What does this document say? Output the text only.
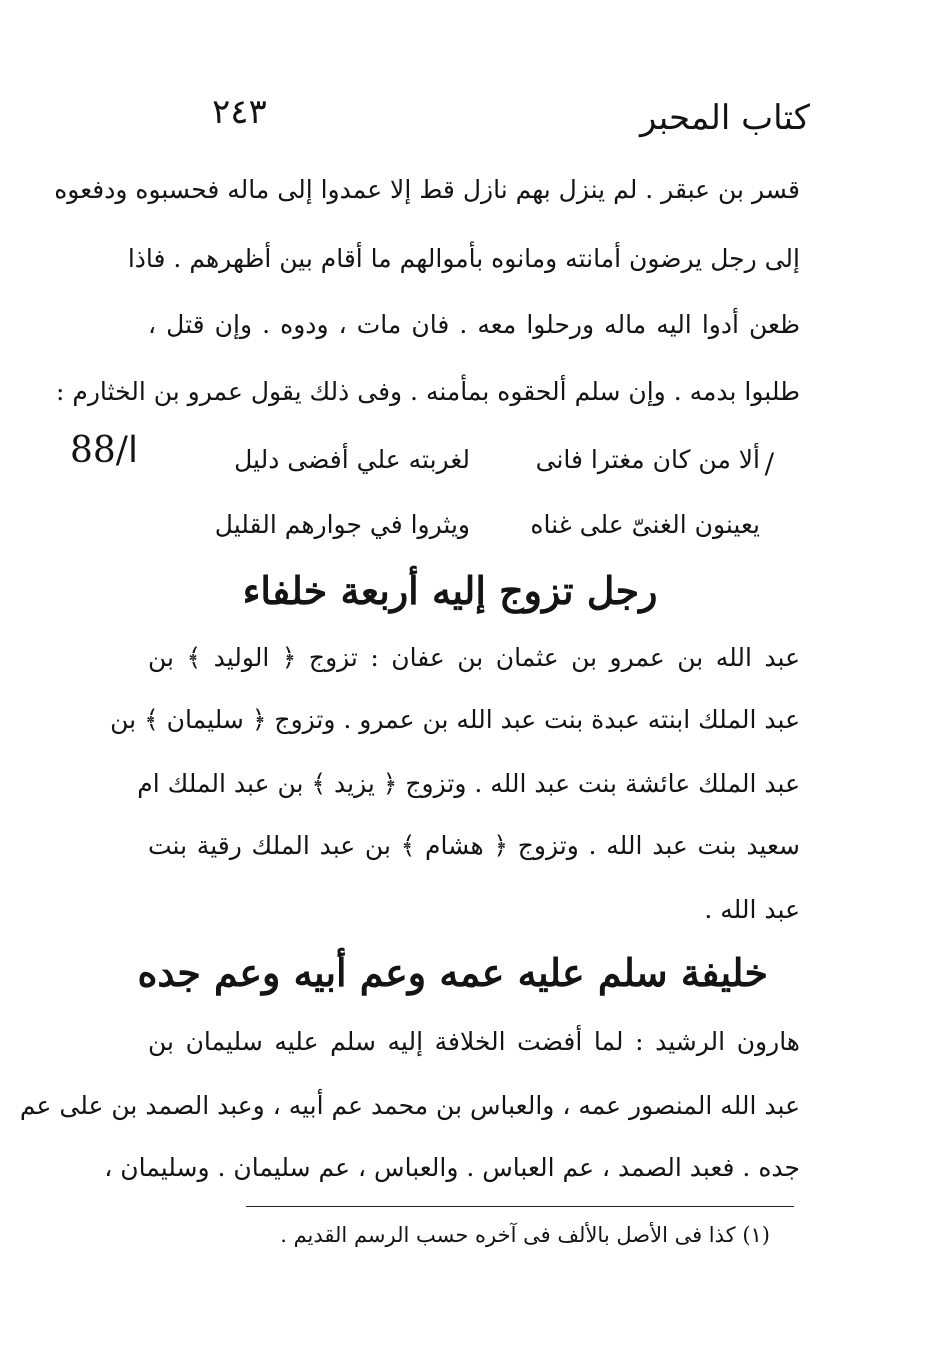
كتاب المحبر
٢٤٣
قسر بن عبقر . لم ينزل بهم نازل قط إلا عمدوا إلى ماله فحسبوه ودفعوه
إلى رجل يرضون أمانته ومانوه بأموالهم ما أقام بين أظهرهم . فاذا
ظعن أدوا اليه ماله ورحلوا معه . فان مات ، ودوه . وإن قتل ،
طلبوا بدمه . وإن سلم ألحقوه بمأمنه . وفى ذلك يقول عمرو بن الخثارم :
88/ا	/
ألا من كان مغترا فانى
لغربته علي أفضى دليل
يعينون الغنىّ على غناه
ويثروا في جوارهم القليل
رجل تزوج إليه أربعة خلفاء
عبد الله بن عمرو بن عثمان بن عفان : تزوج ﴿ الوليد ﴾ بن
عبد الملك ابنته عبدة بنت عبد الله بن عمرو . وتزوج ﴿ سليمان ﴾ بن
عبد الملك عائشة بنت عبد الله . وتزوج ﴿ يزيد ﴾ بن عبد الملك ام
سعيد بنت عبد الله . وتزوج ﴿ هشام ﴾ بن عبد الملك رقية بنت
عبد الله .
خليفة سلم عليه عمه وعم أبيه وعم جده
هارون الرشيد : لما أفضت الخلافة إليه سلم عليه سليمان بن
عبد الله المنصور عمه ، والعباس بن محمد عم أبيه ، وعبد الصمد بن على عم
جده . فعبد الصمد ، عم العباس . والعباس ، عم سليمان . وسليمان ،
(١) كذا فى الأصل بالألف فى آخره حسب الرسم القديم .
